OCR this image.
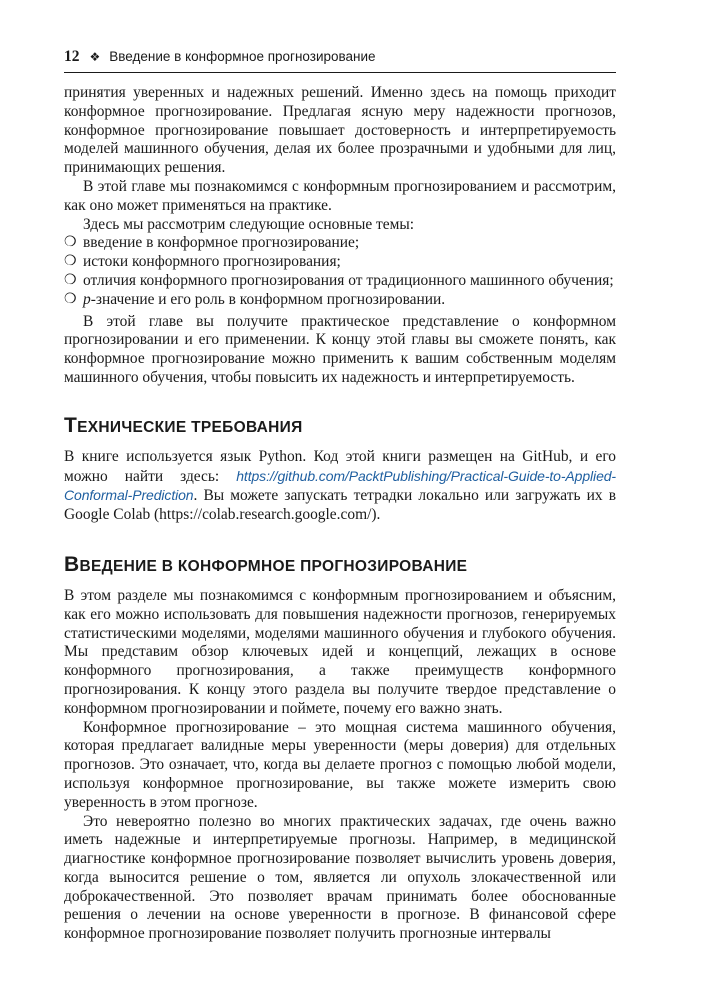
12 ❖ Введение в конформное прогнозирование

принятия уверенных и надежных решений. Именно здесь на помощь приходит конформное прогнозирование. Предлагая ясную меру надежности прогнозов, конформное прогнозирование повышает достоверность и интерпретируемость моделей машинного обучения, делая их более прозрачными и удобными для лиц, принимающих решения.

В этой главе мы познакомимся с конформным прогнозированием и рассмотрим, как оно может применяться на практике.

Здесь мы рассмотрим следующие основные темы:

❍ введение в конформное прогнозирование;
❍ истоки конформного прогнозирования;
❍ отличия конформного прогнозирования от традиционного машинного обучения;
❍ p-значение и его роль в конформном прогнозировании.

В этой главе вы получите практическое представление о конформном прогнозировании и его применении. К концу этой главы вы сможете понять, как конформное прогнозирование можно применить к вашим собственным моделям машинного обучения, чтобы повысить их надежность и интерпретируемость.

ТЕХНИЧЕСКИЕ ТРЕБОВАНИЯ

В книге используется язык Python. Код этой книги размещен на GitHub, и его можно найти здесь: https://github.com/PacktPublishing/Practical-Guide-to-Applied-Conformal-Prediction. Вы можете запускать тетрадки локально или загружать их в Google Colab (https://colab.research.google.com/).

ВВЕДЕНИЕ В КОНФОРМНОЕ ПРОГНОЗИРОВАНИЕ

В этом разделе мы познакомимся с конформным прогнозированием и объясним, как его можно использовать для повышения надежности прогнозов, генерируемых статистическими моделями, моделями машинного обучения и глубокого обучения. Мы представим обзор ключевых идей и концепций, лежащих в основе конформного прогнозирования, а также преимуществ конформного прогнозирования. К концу этого раздела вы получите твердое представление о конформном прогнозировании и поймете, почему его важно знать.

Конформное прогнозирование – это мощная система машинного обучения, которая предлагает валидные меры уверенности (меры доверия) для отдельных прогнозов. Это означает, что, когда вы делаете прогноз с помощью любой модели, используя конформное прогнозирование, вы также можете измерить свою уверенность в этом прогнозе.

Это невероятно полезно во многих практических задачах, где очень важно иметь надежные и интерпретируемые прогнозы. Например, в медицинской диагностике конформное прогнозирование позволяет вычислить уровень доверия, когда выносится решение о том, является ли опухоль злокачественной или доброкачественной. Это позволяет врачам принимать более обоснованные решения о лечении на основе уверенности в прогнозе. В финансовой сфере конформное прогнозирование позволяет получить прогнозные интервалы
